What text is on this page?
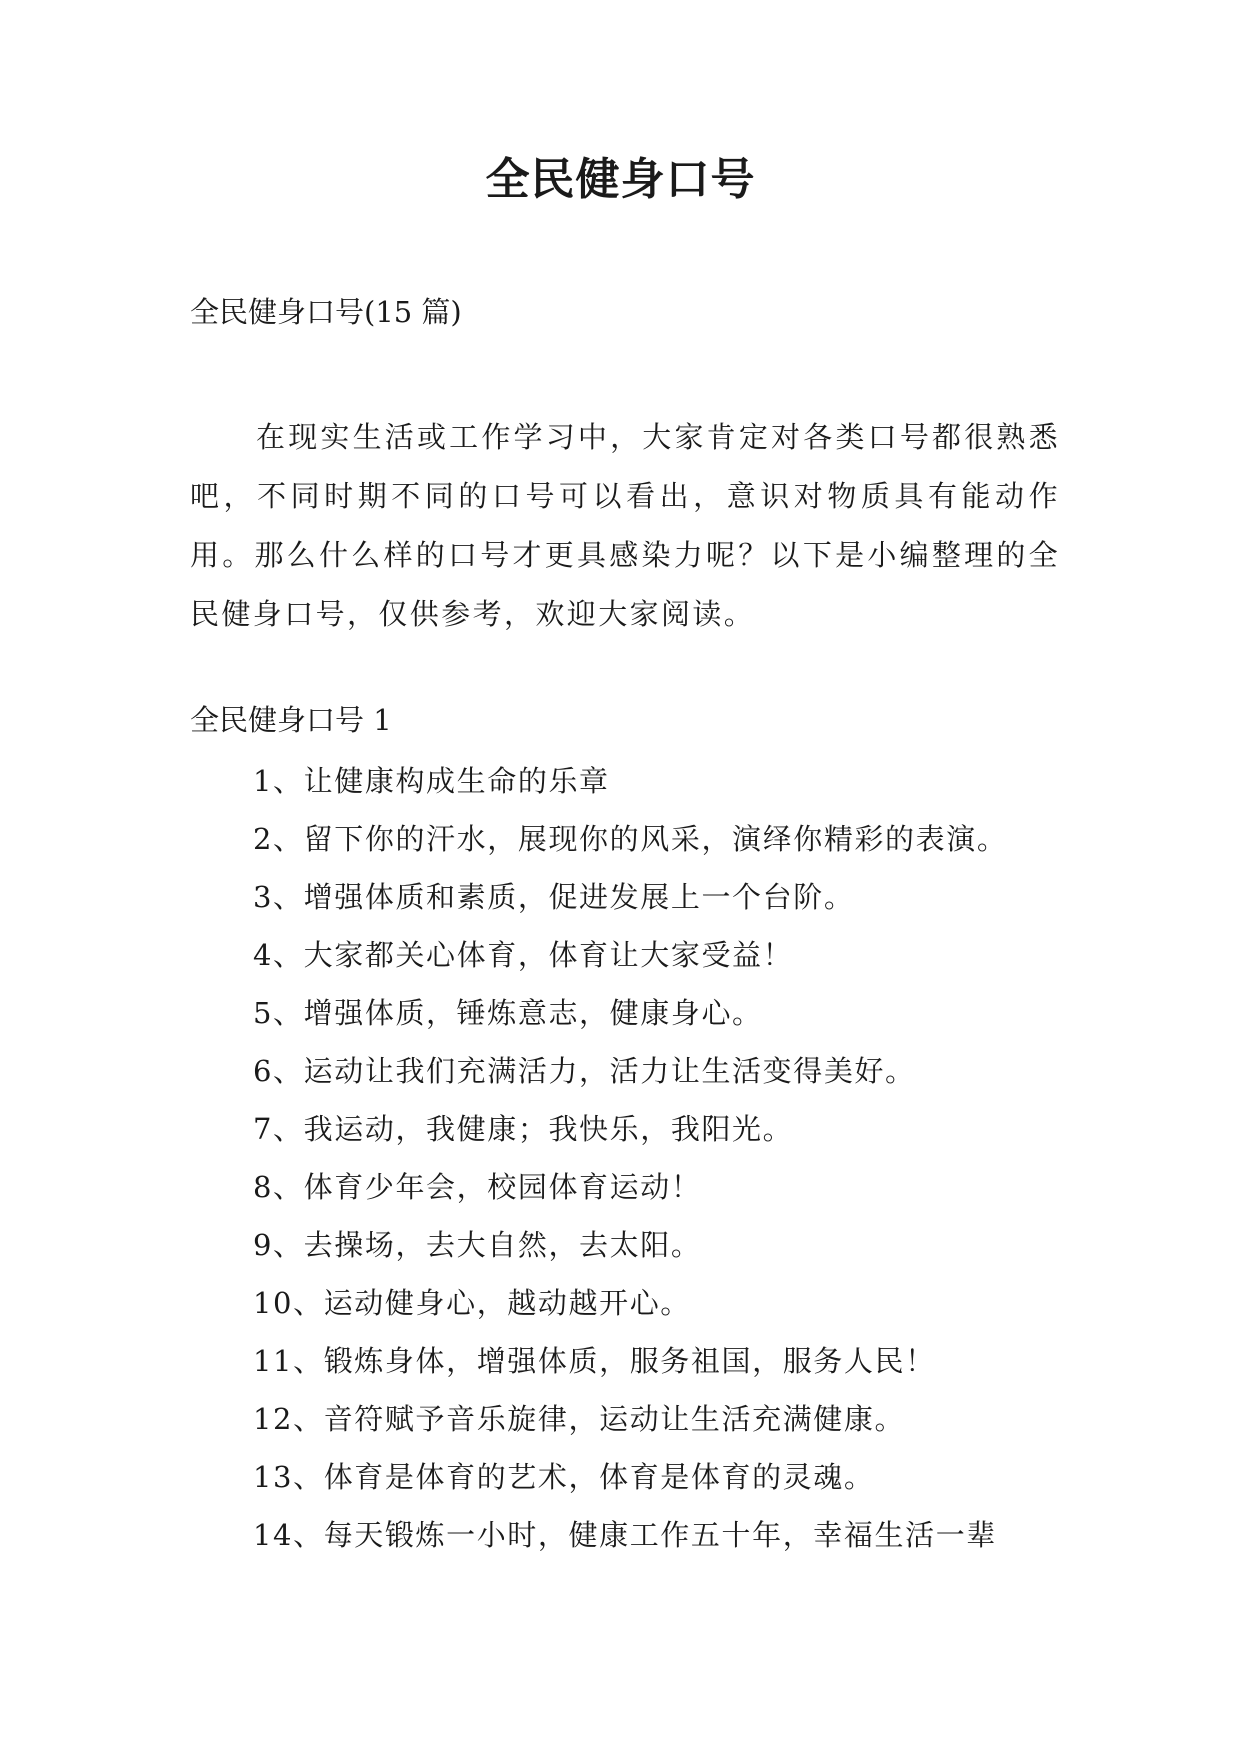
全民健身口号

全民健身口号(15 篇)

在现实生活或工作学习中，大家肯定对各类口号都很熟悉吧，不同时期不同的口号可以看出，意识对物质具有能动作用。那么什么样的口号才更具感染力呢？以下是小编整理的全民健身口号，仅供参考，欢迎大家阅读。

全民健身口号 1

1、让健康构成生命的乐章
2、留下你的汗水，展现你的风采，演绎你精彩的表演。
3、增强体质和素质，促进发展上一个台阶。
4、大家都关心体育，体育让大家受益！
5、增强体质，锤炼意志，健康身心。
6、运动让我们充满活力，活力让生活变得美好。
7、我运动，我健康；我快乐，我阳光。
8、体育少年会，校园体育运动！
9、去操场，去大自然，去太阳。
10、运动健身心，越动越开心。
11、锻炼身体，增强体质，服务祖国，服务人民！
12、音符赋予音乐旋律，运动让生活充满健康。
13、体育是体育的艺术，体育是体育的灵魂。
14、每天锻炼一小时，健康工作五十年，幸福生活一辈
